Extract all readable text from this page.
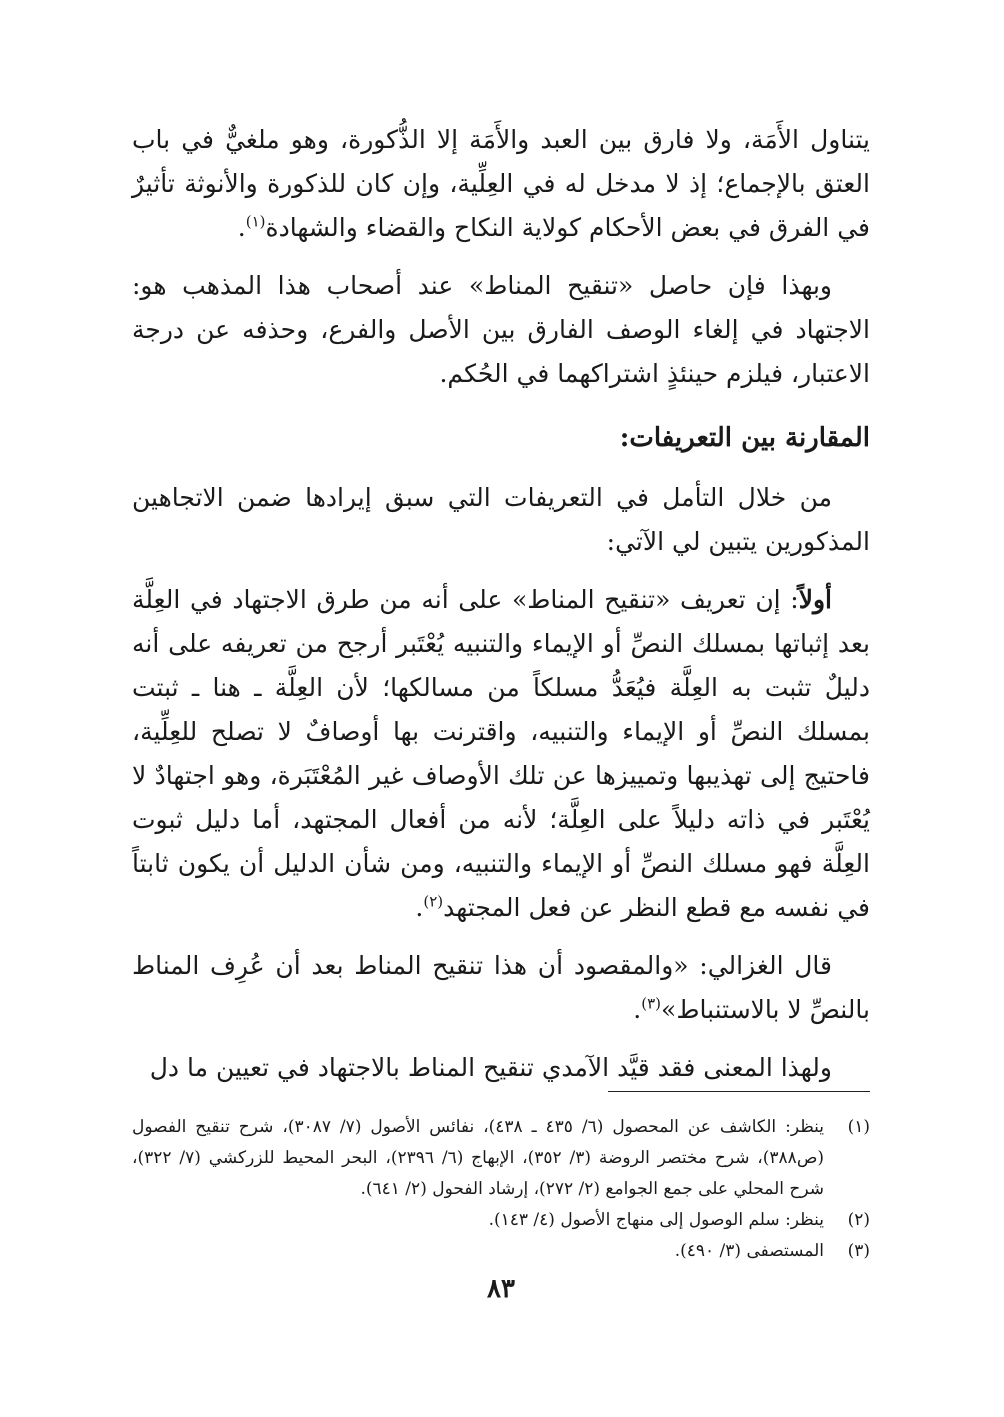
يتناول الأَمَة، ولا فارق بين العبد والأَمَة إلا الذُّكورة، وهو ملغيٌّ في باب العتق بالإجماع؛ إذ لا مدخل له في العِلِّية، وإن كان للذكورة والأنوثة تأثيرٌ في الفرق في بعض الأحكام كولاية النكاح والقضاء والشهادة$^{(١)}$.

وبهذا فإن حاصل «تنقيح المناط» عند أصحاب هذا المذهب هو: الاجتهاد في إلغاء الوصف الفارق بين الأصل والفرع، وحذفه عن درجة الاعتبار، فيلزم حينئذٍ اشتراكهما في الحُكم.

المقارنة بين التعريفات:

من خلال التأمل في التعريفات التي سبق إيرادها ضمن الاتجاهين المذكورين يتبين لي الآتي:

أولاً: إن تعريف «تنقيح المناط» على أنه من طرق الاجتهاد في العِلَّة بعد إثباتها بمسلك النصِّ أو الإيماء والتنبيه يُعْتَبر أرجح من تعريفه على أنه دليلٌ تثبت به العِلَّة فيُعَدُّ مسلكاً من مسالكها؛ لأن العِلَّة ـ هنا ـ ثبتت بمسلك النصِّ أو الإيماء والتنبيه، واقترنت بها أوصافٌ لا تصلح للعِلِّية، فاحتيج إلى تهذيبها وتمييزها عن تلك الأوصاف غير المُعْتَبَرة، وهو اجتهادٌ لا يُعْتَبر في ذاته دليلاً على العِلَّة؛ لأنه من أفعال المجتهد، أما دليل ثبوت العِلَّة فهو مسلك النصِّ أو الإيماء والتنبيه، ومن شأن الدليل أن يكون ثابتاً في نفسه مع قطع النظر عن فعل المجتهد$^{(٢)}$.

قال الغزالي: «والمقصود أن هذا تنقيح المناط بعد أن عُرِف المناط بالنصِّ لا بالاستنباط»$^{(٣)}$.

ولهذا المعنى فقد قيَّد الآمدي تنقيح المناط بالاجتهاد في تعيين ما دل

(١)
ينظر: الكاشف عن المحصول (٦/ ٤٣٥ ـ ٤٣٨)، نفائس الأصول (٧/ ٣٠٨٧)، شرح تنقيح الفصول (ص٣٨٨)، شرح مختصر الروضة (٣/ ٣٥٢)، الإبهاج (٦/ ٢٣٩٦)، البحر المحيط للزركشي (٧/ ٣٢٢)، شرح المحلي على جمع الجوامع (٢/ ٢٧٢)، إرشاد الفحول (٢/ ٦٤١).
(٢)
ينظر: سلم الوصول إلى منهاج الأصول (٤/ ١٤٣).
(٣)
المستصفى (٣/ ٤٩٠).
٨٣
